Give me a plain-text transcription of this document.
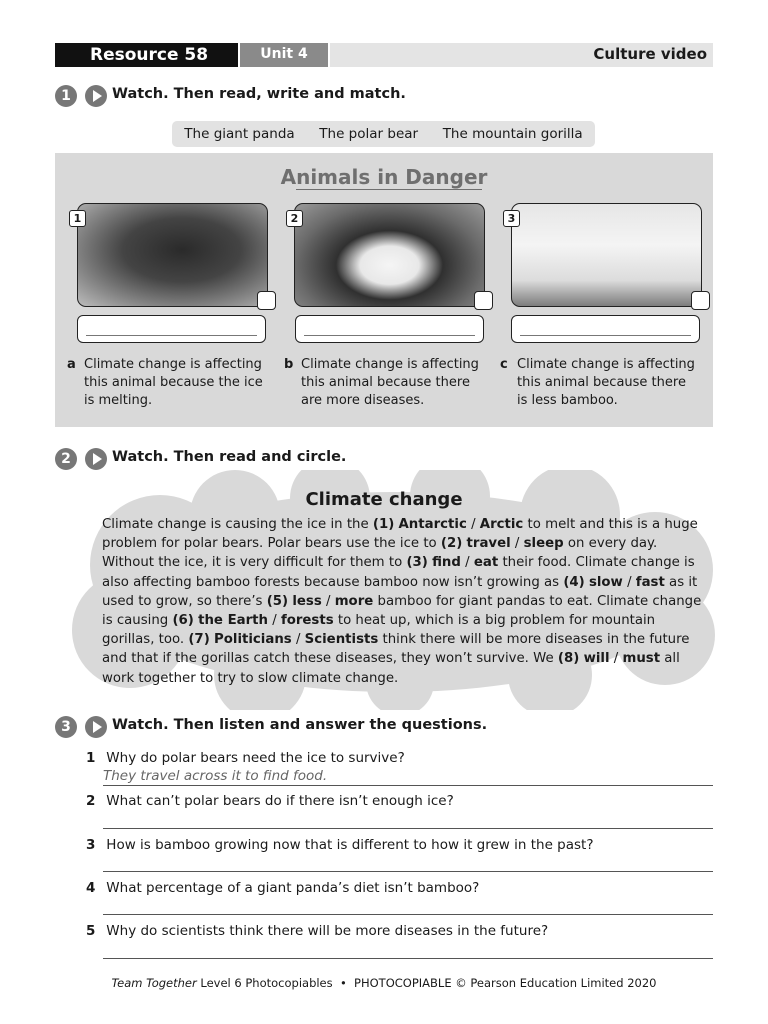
Resource 58	Unit 4	Culture video
1	Watch. Then read, write and match.
The giant panda The polar bear The mountain gorilla
Animals in Danger
1	2	3
a Climate change is affecting this animal because the ice is melting.
b Climate change is affecting this animal because there are more diseases.
c Climate change is affecting this animal because there is less bamboo.
2	Watch. Then read and circle.
Climate change
Climate change is causing the ice in the (1) Antarctic / Arctic to melt and this is a huge problem for polar bears. Polar bears use the ice to (2) travel / sleep on every day. Without the ice, it is very difficult for them to (3) find / eat their food. Climate change is also affecting bamboo forests because bamboo now isn’t growing as (4) slow / fast as it used to grow, so there’s (5) less / more bamboo for giant pandas to eat. Climate change is causing (6) the Earth / forests to heat up, which is a big problem for mountain gorillas, too. (7) Politicians / Scientists think there will be more diseases in the future and that if the gorillas catch these diseases, they won’t survive. We (8) will / must all work together to try to slow climate change.
3	Watch. Then listen and answer the questions.
1 Why do polar bears need the ice to survive?
They travel across it to find food.
2 What can’t polar bears do if there isn’t enough ice?
3 How is bamboo growing now that is different to how it grew in the past?
4 What percentage of a giant panda’s diet isn’t bamboo?
5 Why do scientists think there will be more diseases in the future?
Team Together Level 6 Photocopiables • PHOTOCOPIABLE © Pearson Education Limited 2020
